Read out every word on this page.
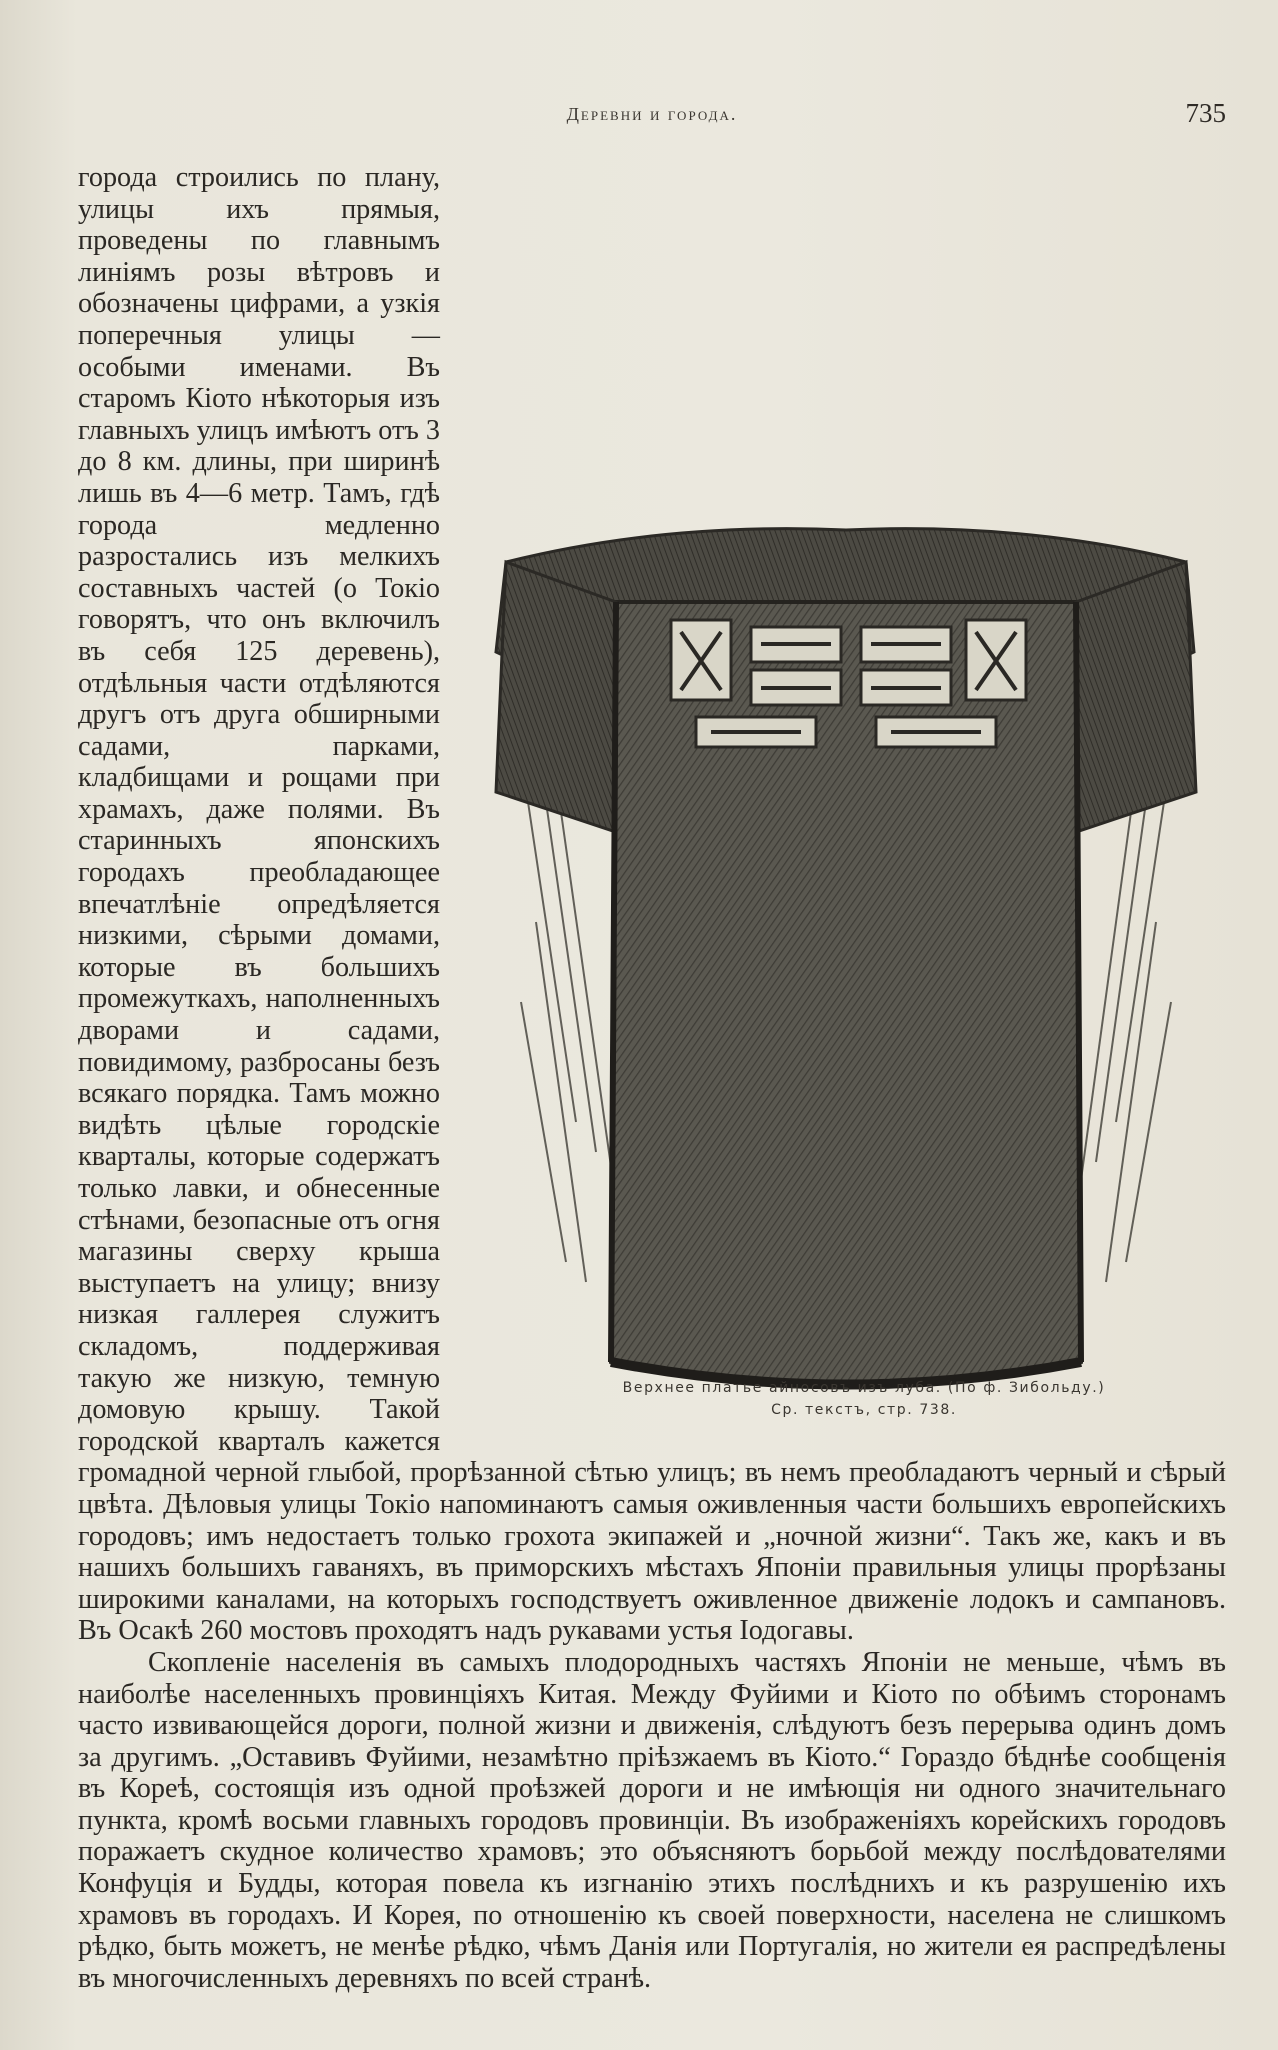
Деревни и города.	735

города строились по плану, улицы ихъ прямыя, проведены по главнымъ линiямъ розы вѣтровъ и обозначены цифрами, а узкiя поперечныя улицы — особыми именами. Въ старомъ Кiото нѣкоторыя изъ главныхъ улицъ имѣютъ отъ 3 до 8 км. длины, при ширинѣ лишь въ 4—6 метр. Тамъ, гдѣ города медленно разростались изъ мелкихъ составныхъ частей (о Токiо говорятъ, что онъ включилъ въ себя 125 деревень), отдѣльныя части отдѣляются другъ отъ друга обширными садами, парками, кладбищами и рощами при храмахъ, даже полями. Въ старинныхъ японскихъ городахъ преобладающее впечатлѣнiе опредѣляется низкими, сѣрыми домами, которые въ большихъ промежуткахъ, наполненныхъ дворами и садами, повидимому, разбросаны безъ всякаго порядка. Тамъ можно видѣть цѣлые городскiе кварталы, которые содержатъ только лавки, и обнесенные стѣнами, безопасные отъ огня магазины сверху крыша выступаетъ на улицу; внизу низкая галлерея служитъ складомъ, поддерживая такую же низкую, темную домовую крышу. Такой городской кварталъ кажется громадной черной глыбой, прорѣзанной сѣтью улицъ; въ немъ преобладаютъ черный и сѣрый цвѣта. Дѣловыя улицы Токiо напоминаютъ самыя оживленныя части большихъ европейскихъ городовъ; имъ недостаетъ только грохота экипажей и „ночной жизни“. Такъ же, какъ и въ нашихъ большихъ гаваняхъ, въ приморскихъ мѣстахъ Японiи правильныя улицы прорѣзаны широкими каналами, на которыхъ господствуетъ оживленное движенiе лодокъ и сампановъ. Въ Осакѣ 260 мостовъ проходятъ надъ рукавами устья Iодогавы.

Скопленiе населенiя въ самыхъ плодородныхъ частяхъ Японiи не меньше, чѣмъ въ наиболѣе населенныхъ провинцiяхъ Китая. Между Фуйими и Кiото по обѣимъ сторонамъ часто извивающейся дороги, полной жизни и движенiя, слѣдуютъ безъ перерыва одинъ домъ за другимъ. „Оставивъ Фуйими, незамѣтно прiѣзжаемъ въ Кiото.“ Гораздо бѣднѣе сообщенiя въ Кореѣ, состоящiя изъ одной проѣзжей дороги и не имѣющiя ни одного значительнаго пункта, кромѣ восьми главныхъ городовъ провинцiи. Въ изображенiяхъ корейскихъ городовъ поражаетъ скудное количество храмовъ; это объясняютъ борьбой между послѣдователями Конфуцiя и Будды, которая повела къ изгнанiю этихъ послѣднихъ и къ разрушенiю ихъ храмовъ въ городахъ. И Корея, по отношенiю къ своей поверхности, населена не слишкомъ рѣдко, быть можетъ, не менѣе рѣдко, чѣмъ Данiя или Португалiя, но жители ея распредѣлены въ многочисленныхъ деревняхъ по всей странѣ.

Верхнее платье айносовъ изъ луба. (По ф. Зибольду.)
Ср. текстъ, стр. 738.
